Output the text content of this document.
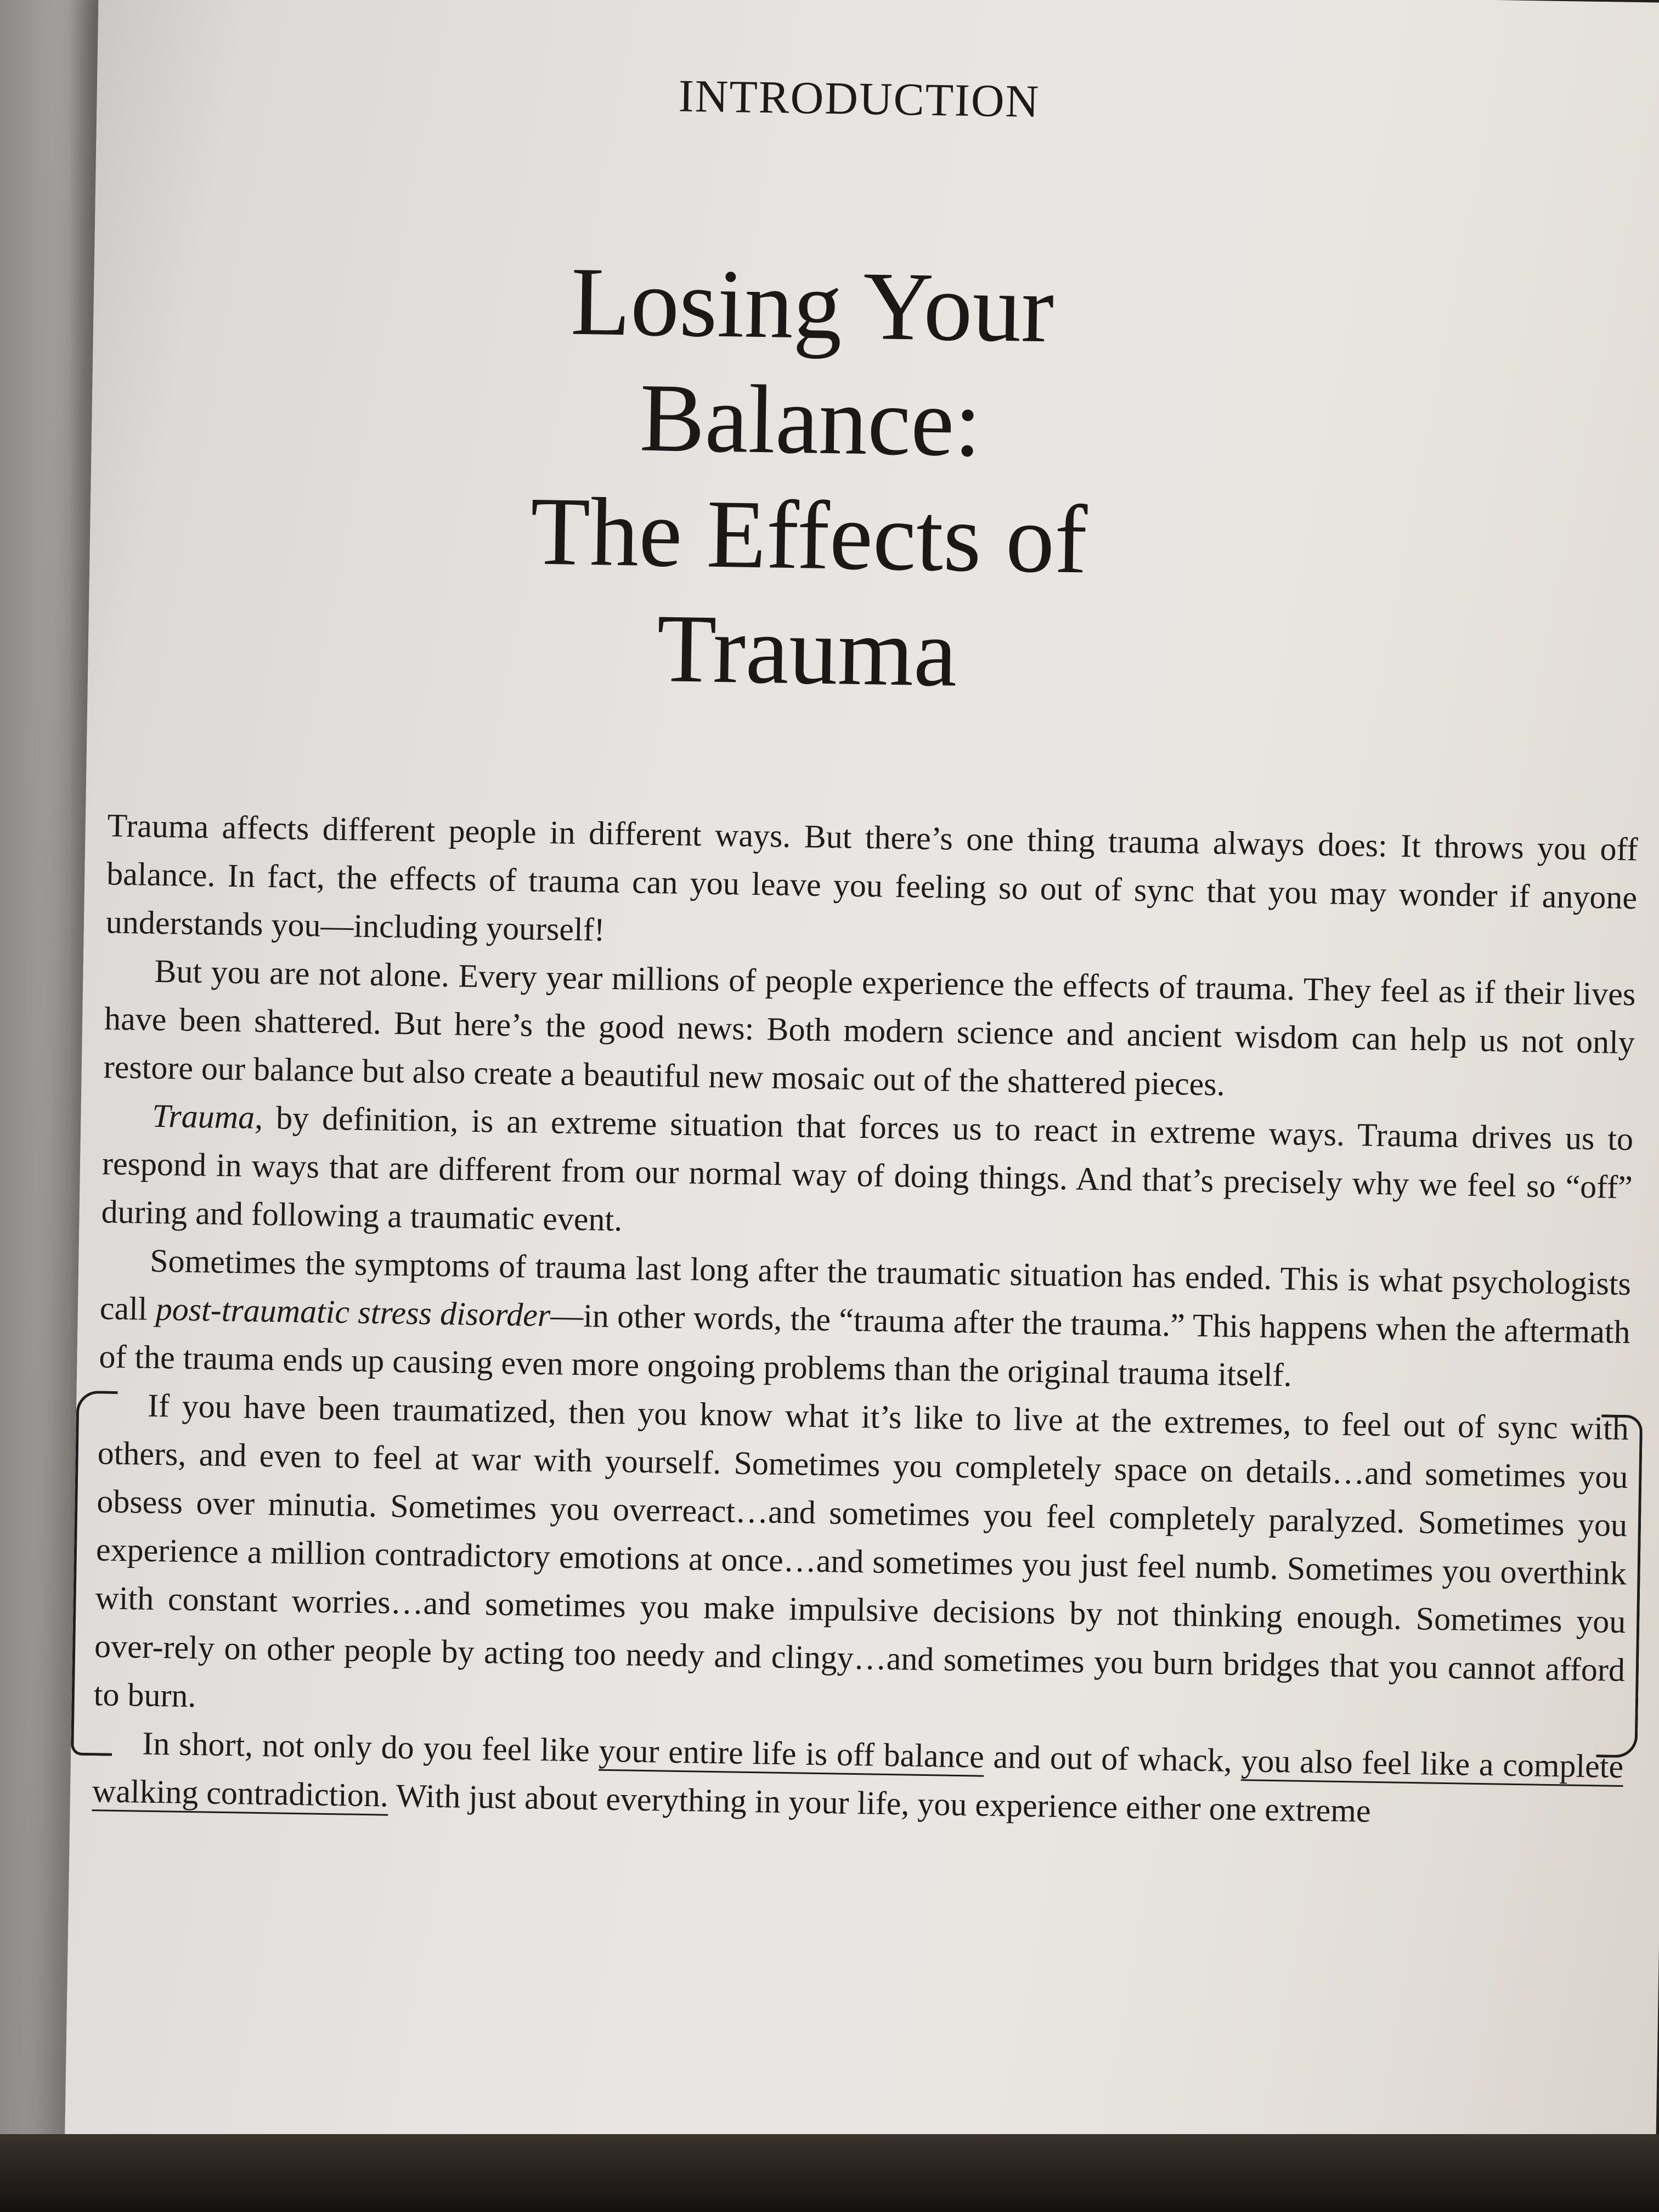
INTRODUCTION
Losing Your Balance:
The Effects of Trauma

Trauma affects different people in different ways. But there’s one thing trauma always does: It throws you off balance. In fact, the effects of trauma can you leave you feeling so out of sync that you may wonder if anyone understands you—including yourself!

But you are not alone. Every year millions of people experience the effects of trauma. They feel as if their lives have been shattered. But here’s the good news: Both modern science and ancient wisdom can help us not only restore our balance but also create a beautiful new mosaic out of the shattered pieces.

Trauma, by definition, is an extreme situation that forces us to react in extreme ways. Trauma drives us to respond in ways that are different from our normal way of doing things. And that’s precisely why we feel so “off” during and following a traumatic event.

Sometimes the symptoms of trauma last long after the traumatic situation has ended. This is what psychologists call post-traumatic stress disorder—in other words, the “trauma after the trauma.” This happens when the aftermath of the trauma ends up causing even more ongoing problems than the original trauma itself.

If you have been traumatized, then you know what it’s like to live at the extremes, to feel out of sync with others, and even to feel at war with yourself. Sometimes you completely space on details…and sometimes you obsess over minutia. Sometimes you overreact…and sometimes you feel completely paralyzed. Sometimes you experience a million contradictory emotions at once…and sometimes you just feel numb. Sometimes you overthink with constant worries…and sometimes you make impulsive decisions by not thinking enough. Sometimes you over-rely on other people by acting too needy and clingy…and sometimes you burn bridges that you cannot afford to burn.

In short, not only do you feel like your entire life is off balance and out of whack, you also feel like a complete walking contradiction. With just about everything in your life, you experience either one extreme
